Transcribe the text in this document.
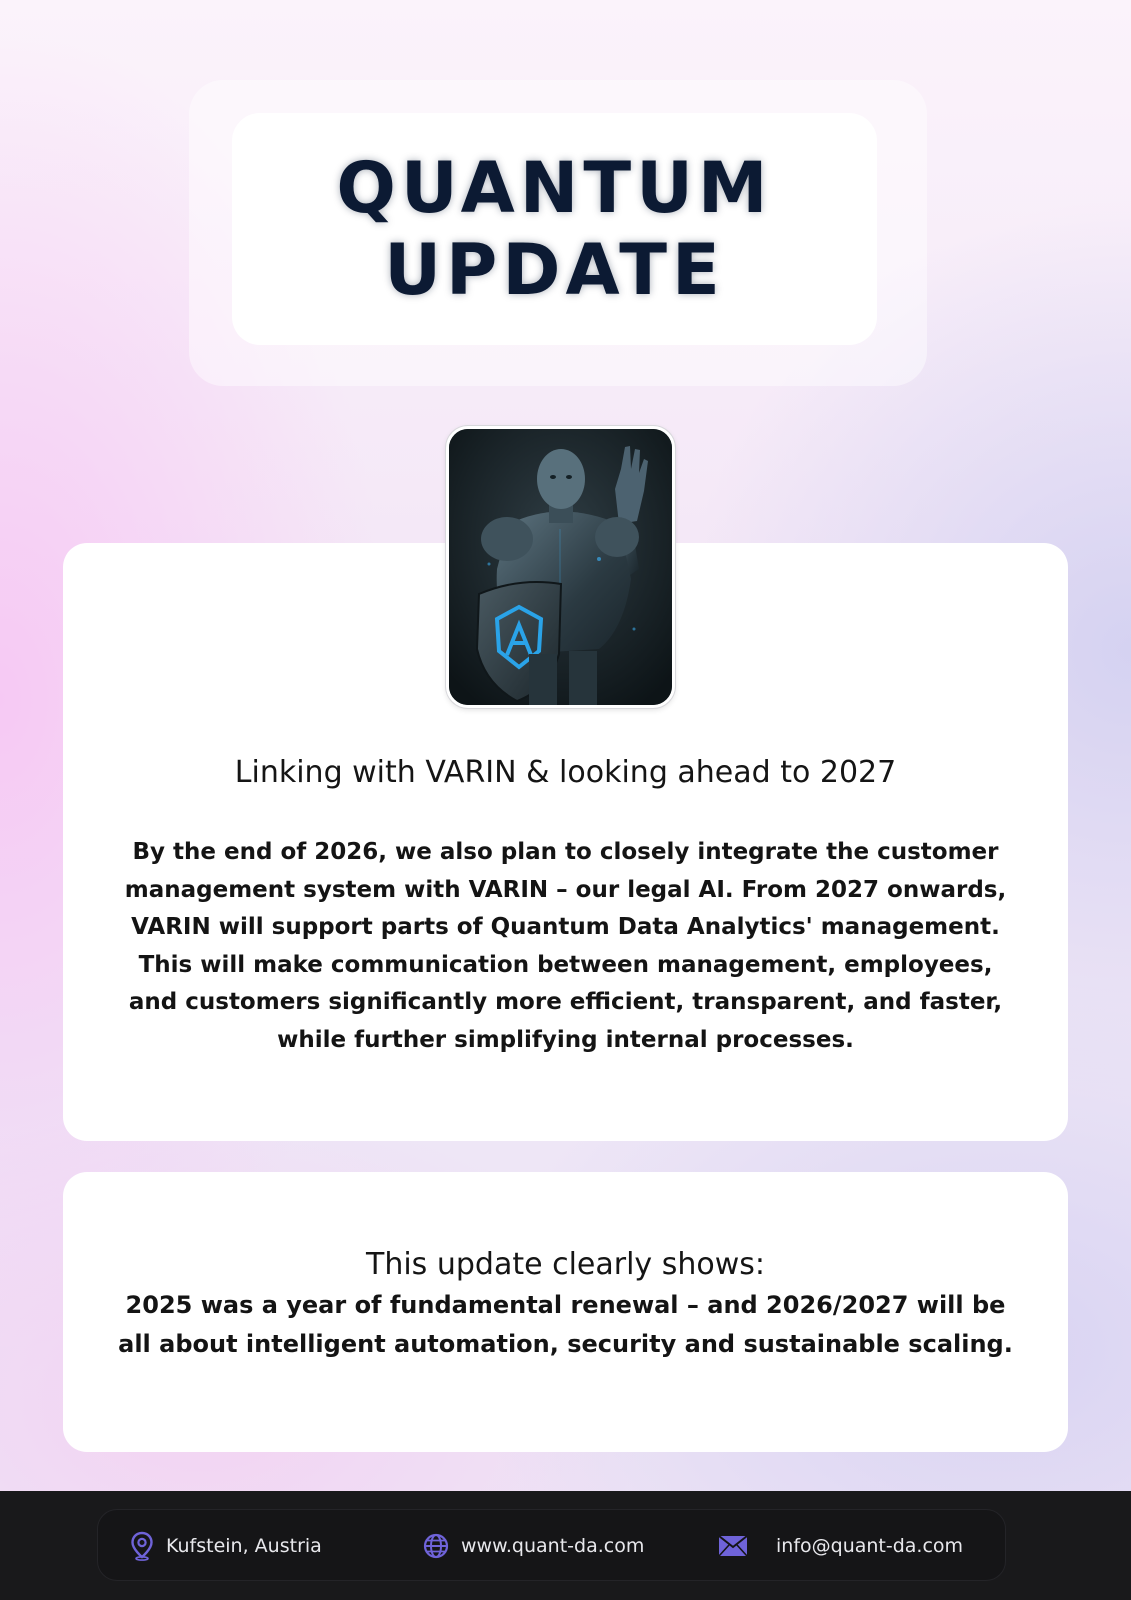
QUANTUM
UPDATE
Linking with VARIN & looking ahead to 2027
By the end of 2026, we also plan to closely integrate the customer
management system with VARIN – our legal AI. From 2027 onwards,
VARIN will support parts of Quantum Data Analytics' management.
This will make communication between management, employees,
and customers significantly more efficient, transparent, and faster,
while further simplifying internal processes.
This update clearly shows:
2025 was a year of fundamental renewal – and 2026/2027 will be
all about intelligent automation, security and sustainable scaling.
Kufstein, Austria	www.quant-da.com	info@quant-da.com
